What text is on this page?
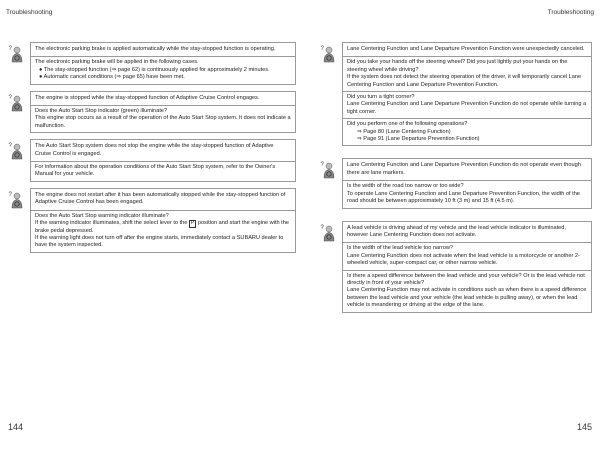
Troubleshooting	Troubleshooting
The electronic parking brake is applied automatically while the stay-stopped function is operating.
The electronic parking brake will be applied in the following cases.
● The stay-stopped function (⇒ page 62) is continuously applied for approximately 2 minutes.
● Automatic cancel conditions (⇒ page 65) have been met.
The engine is stopped while the stay-stopped function of Adaptive Cruise Control engages.
Does the Auto Start Stop indicator (green) illuminate?
This engine stop occurs as a result of the operation of the Auto Start Stop system. It does not indicate a malfunction.
The Auto Start Stop system does not stop the engine while the stay-stopped function of Adaptive Cruise Control is engaged.
For information about the operation conditions of the Auto Start Stop system, refer to the Owner's Manual for your vehicle.
The engine does not restart after it has been automatically stopped while the stay-stopped function of Adaptive Cruise Control has been engaged.
Does the Auto Start Stop warning indicator illuminate?
If the warning indicator illuminates, shift the select lever to the P position and start the engine with the brake pedal depressed.
If the warning light does not turn off after the engine starts, immediately contact a SUBARU dealer to have the system inspected.
Lane Centering Function and Lane Departure Prevention Function were unexpectedly canceled.
Did you take your hands off the steering wheel? Did you just lightly put your hands on the steering wheel while driving?
If the system does not detect the steering operation of the driver, it will temporarily cancel Lane Centering Function and Lane Departure Prevention Function.
Did you turn a tight corner?
Lane Centering Function and Lane Departure Prevention Function do not operate while turning a tight corner.
Did you perform one of the following operations?
⇒ Page 80 (Lane Centering Function)
⇒ Page 91 (Lane Departure Prevention Function)
Lane Centering Function and Lane Departure Prevention Function do not operate even though there are lane markers.
Is the width of the road too narrow or too wide?
To operate Lane Centering Function and Lane Departure Prevention Function, the width of the road should be between approximately 10 ft (3 m) and 15 ft (4.5 m).
A lead vehicle is driving ahead of my vehicle and the lead vehicle indicator is illuminated, however Lane Centering Function does not activate.
Is the width of the lead vehicle too narrow?
Lane Centering Function does not activate when the lead vehicle is a motorcycle or another 2-wheeled vehicle, super-compact car, or other narrow vehicle.
Is there a speed difference between the lead vehicle and your vehicle? Or is the lead vehicle not directly in front of your vehicle?
Lane Centering Function may not activate in conditions such as when there is a speed difference between the lead vehicle and your vehicle (the lead vehicle is pulling away), or when the lead vehicle is meandering or driving at the edge of the lane.
144	145
